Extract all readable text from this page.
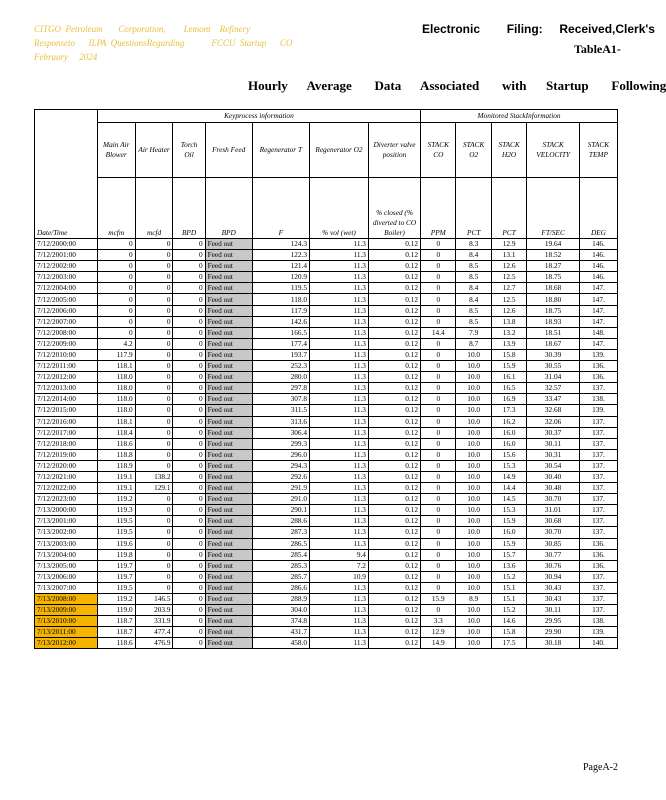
CITGO  Petroleum       Corporation,        Lemont    Refinery
Responseto      ILPA  QuestionsRegarding            FCCU  Startup      CO
February     2024
Electronic        Filing:     Received,Clerk's
TableA1-
Hourly      Average       Data      Associated       with      Startup       Following
Date/Time	Keyprocess information							Monitored StackInformation				
	Main Air Blower	Air Heater	Torch Oil	Fresh Feed	Regenerator T	Regenerator O2	Diverter valve position	STACK CO	STACK O2	STACK H2O	STACK VELOCITY	STACK TEMP
	mcfm	mcfd	BPD	BPD	F	% vol (wet)	% closed (% diverted to CO Boiler)	PPM	PCT	PCT	FT/SEC	DEG
7/12/2000:00	0	0	0	Feed out	124.3	11.3	0.12	0	8.3	12.9	19.64	146.
7/12/2001:00	0	0	0	Feed out	122.3	11.3	0.12	0	8.4	13.1	18.52	146.
7/12/2002:00	0	0	0	Feed out	121.4	11.3	0.12	0	8.5	12.6	18.27	146.
7/12/2003:00	0	0	0	Feed out	120.9	11.3	0.12	0	8.5	12.5	18.75	146.
7/12/2004:00	0	0	0	Feed out	119.5	11.3	0.12	0	8.4	12.7	18.68	147.
7/12/2005:00	0	0	0	Feed out	118.0	11.3	0.12	0	8.4	12.5	18.80	147.
7/12/2006:00	0	0	0	Feed out	117.9	11.3	0.12	0	8.5	12.6	18.75	147.
7/12/2007:00	0	0	0	Feed out	142.6	11.3	0.12	0	8.5	13.8	18.93	147.
7/12/2008:00	0	0	0	Feed out	166.5	11.3	0.12	14.4	7.9	13.2	18.51	148.
7/12/2009:00	4.2	0	0	Feed out	177.4	11.3	0.12	0	8.7	13.9	18.67	147.
7/12/2010:00	117.9	0	0	Feed out	193.7	11.3	0.12	0	10.0	15.8	30.39	139.
7/12/2011:00	118.1	0	0	Feed out	252.3	11.3	0.12	0	10.0	15.9	30.55	136.
7/12/2012:00	118.0	0	0	Feed out	280.0	11.3	0.12	0	10.0	16.1	31.04	136.
7/12/2013:00	118.0	0	0	Feed out	297.8	11.3	0.12	0	10.0	16.5	32.57	137.
7/12/2014:00	118.0	0	0	Feed out	307.8	11.3	0.12	0	10.0	16.9	33.47	138.
7/12/2015:00	118.0	0	0	Feed out	311.5	11.3	0.12	0	10.0	17.3	32.68	139.
7/12/2016:00	118.1	0	0	Feed out	313.6	11.3	0.12	0	10.0	16.2	32.06	137.
7/12/2017:00	118.4	0	0	Feed out	306.4	11.3	0.12	0	10.0	16.0	30.37	137.
7/12/2018:00	118.6	0	0	Feed out	299.3	11.3	0.12	0	10.0	16.0	30.11	137.
7/12/2019:00	118.8	0	0	Feed out	296.0	11.3	0.12	0	10.0	15.6	30.31	137.
7/12/2020:00	118.9	0	0	Feed out	294.3	11.3	0.12	0	10.0	15.3	30.54	137.
7/12/2021:00	119.1	138.2	0	Feed out	292.6	11.3	0.12	0	10.0	14.9	30.40	137.
7/12/2022:00	119.1	129.1	0	Feed out	291.9	11.3	0.12	0	10.0	14.4	30.48	137.
7/12/2023:00	119.2	0	0	Feed out	291.0	11.3	0.12	0	10.0	14.5	30.70	137.
7/13/2000:00	119.3	0	0	Feed out	290.1	11.3	0.12	0	10.0	15.3	31.01	137.
7/13/2001:00	119.5	0	0	Feed out	288.6	11.3	0.12	0	10.0	15.9	30.68	137.
7/13/2002:00	119.5	0	0	Feed out	287.3	11.3	0.12	0	10.0	16.0	30.70	137.
7/13/2003:00	119.6	0	0	Feed out	286.5	11.3	0.12	0	10.0	15.9	30.85	136.
7/13/2004:00	119.8	0	0	Feed out	285.4	9.4	0.12	0	10.0	15.7	30.77	136.
7/13/2005:00	119.7	0	0	Feed out	285.3	7.2	0.12	0	10.0	13.6	30.76	136.
7/13/2006:00	119.7	0	0	Feed out	285.7	10.9	0.12	0	10.0	15.2	30.94	137.
7/13/2007:00	119.5	0	0	Feed out	286.6	11.3	0.12	0	10.0	15.1	30.43	137.
7/13/2008:00	119.2	146.5	0	Feed out	288.9	11.3	0.12	15.9	8.9	15.1	30.43	137.
7/13/2009:00	119.0	203.9	0	Feed out	304.0	11.3	0.12	0	10.0	15.2	30.11	137.
7/13/2010:00	118.7	331.9	0	Feed out	374.8	11.3	0.12	3.3	10.0	14.6	29.95	138.
7/13/2011:00	118.7	477.4	0	Feed out	431.7	11.3	0.12	12.9	10.0	15.8	29.90	139.
7/13/2012:00	118.6	476.9	0	Feed out	458.0	11.3	0.12	14.9	10.0	17.5	30.18	140.
PageA-2
